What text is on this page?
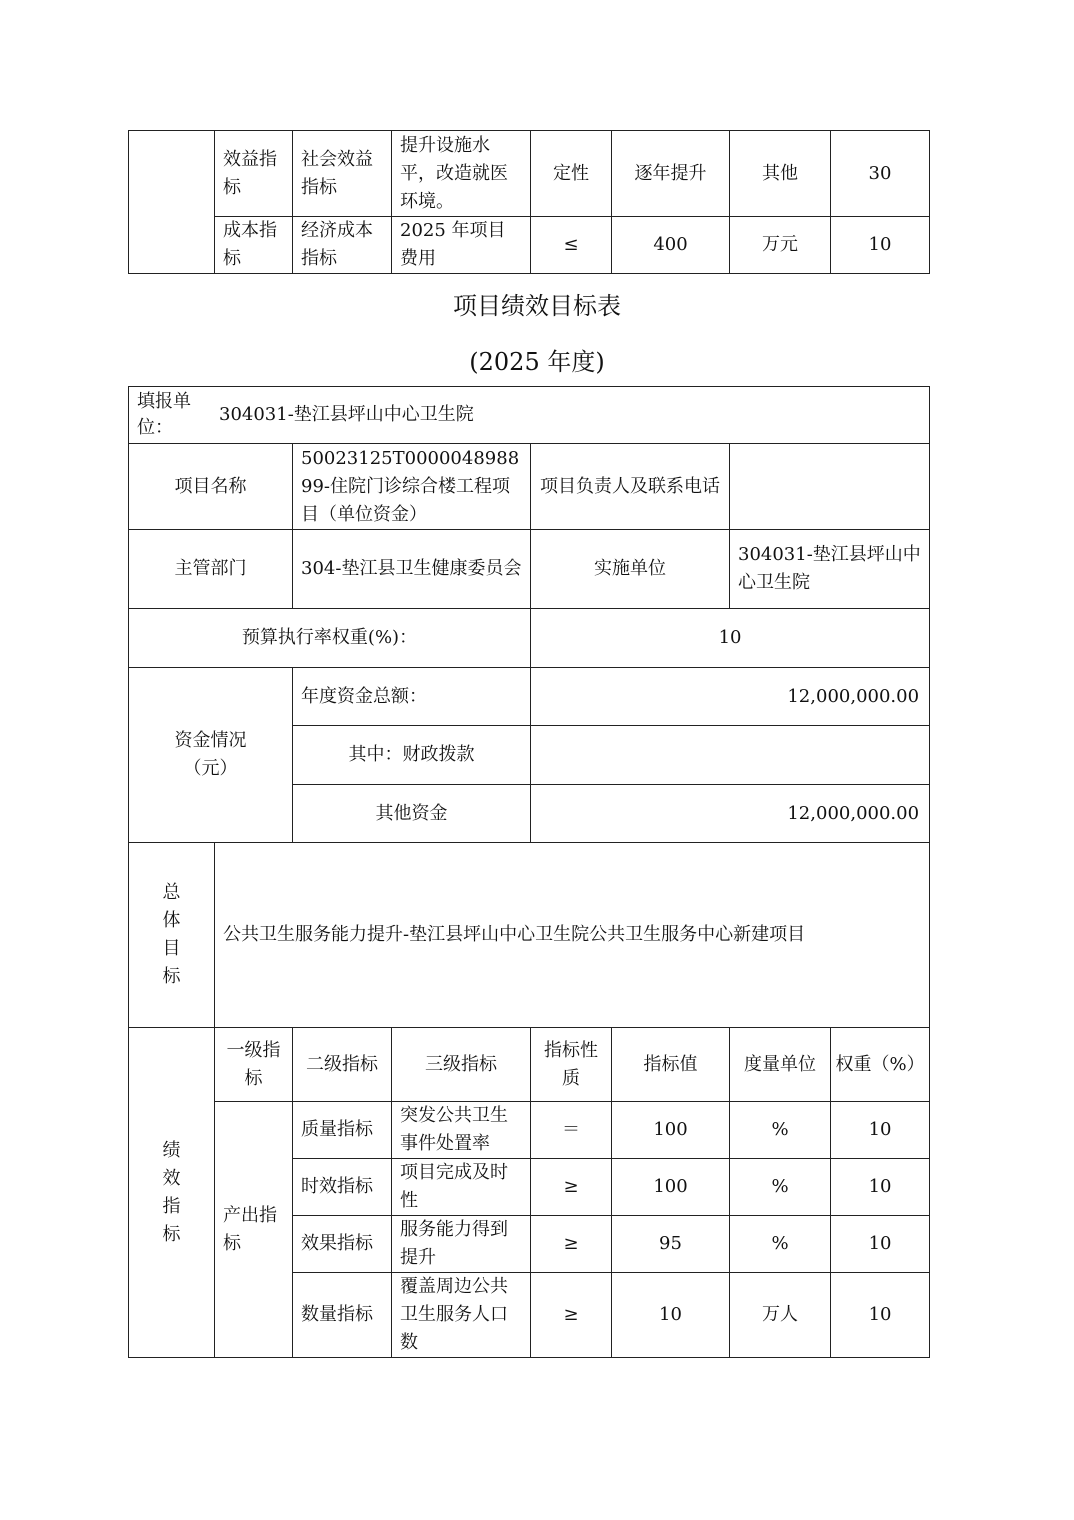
	效益指标	社会效益指标	提升设施水平，改造就医环境。	定性	逐年提升	其他	30
	成本指标	经济成本指标	2025 年项目费用	≤	400	万元	10
项目绩效目标表
(2025 年度)
填报单位：
304031-垫江县坪山中心卫生院							

项目名称		50023125T000004898899-住院门诊综合楼工程项目（单位资金）		项目负责人及联系电话			
主管部门		304-垫江县卫生健康委员会		实施单位		304031-垫江县坪山中心卫生院	
预算执行率权重(%)：				10			

资金情况（元）		年度资金总额：		12,000,000.00			
		其中：财政拨款					
		其他资金		12,000,000.00			

总体目标	公共卫生服务能力提升-垫江县坪山中心卫生院公共卫生服务中心新建项目						

绩效指标	一级指标	二级指标	三级指标	指标性质	指标值	度量单位	权重（%）
	产出指标	质量指标	突发公共卫生事件处置率	＝	100	%	10
		时效指标	项目完成及时性	≥	100	%	10
		效果指标	服务能力得到提升	≥	95	%	10
		数量指标	覆盖周边公共卫生服务人口数	≥	10	万人	10
